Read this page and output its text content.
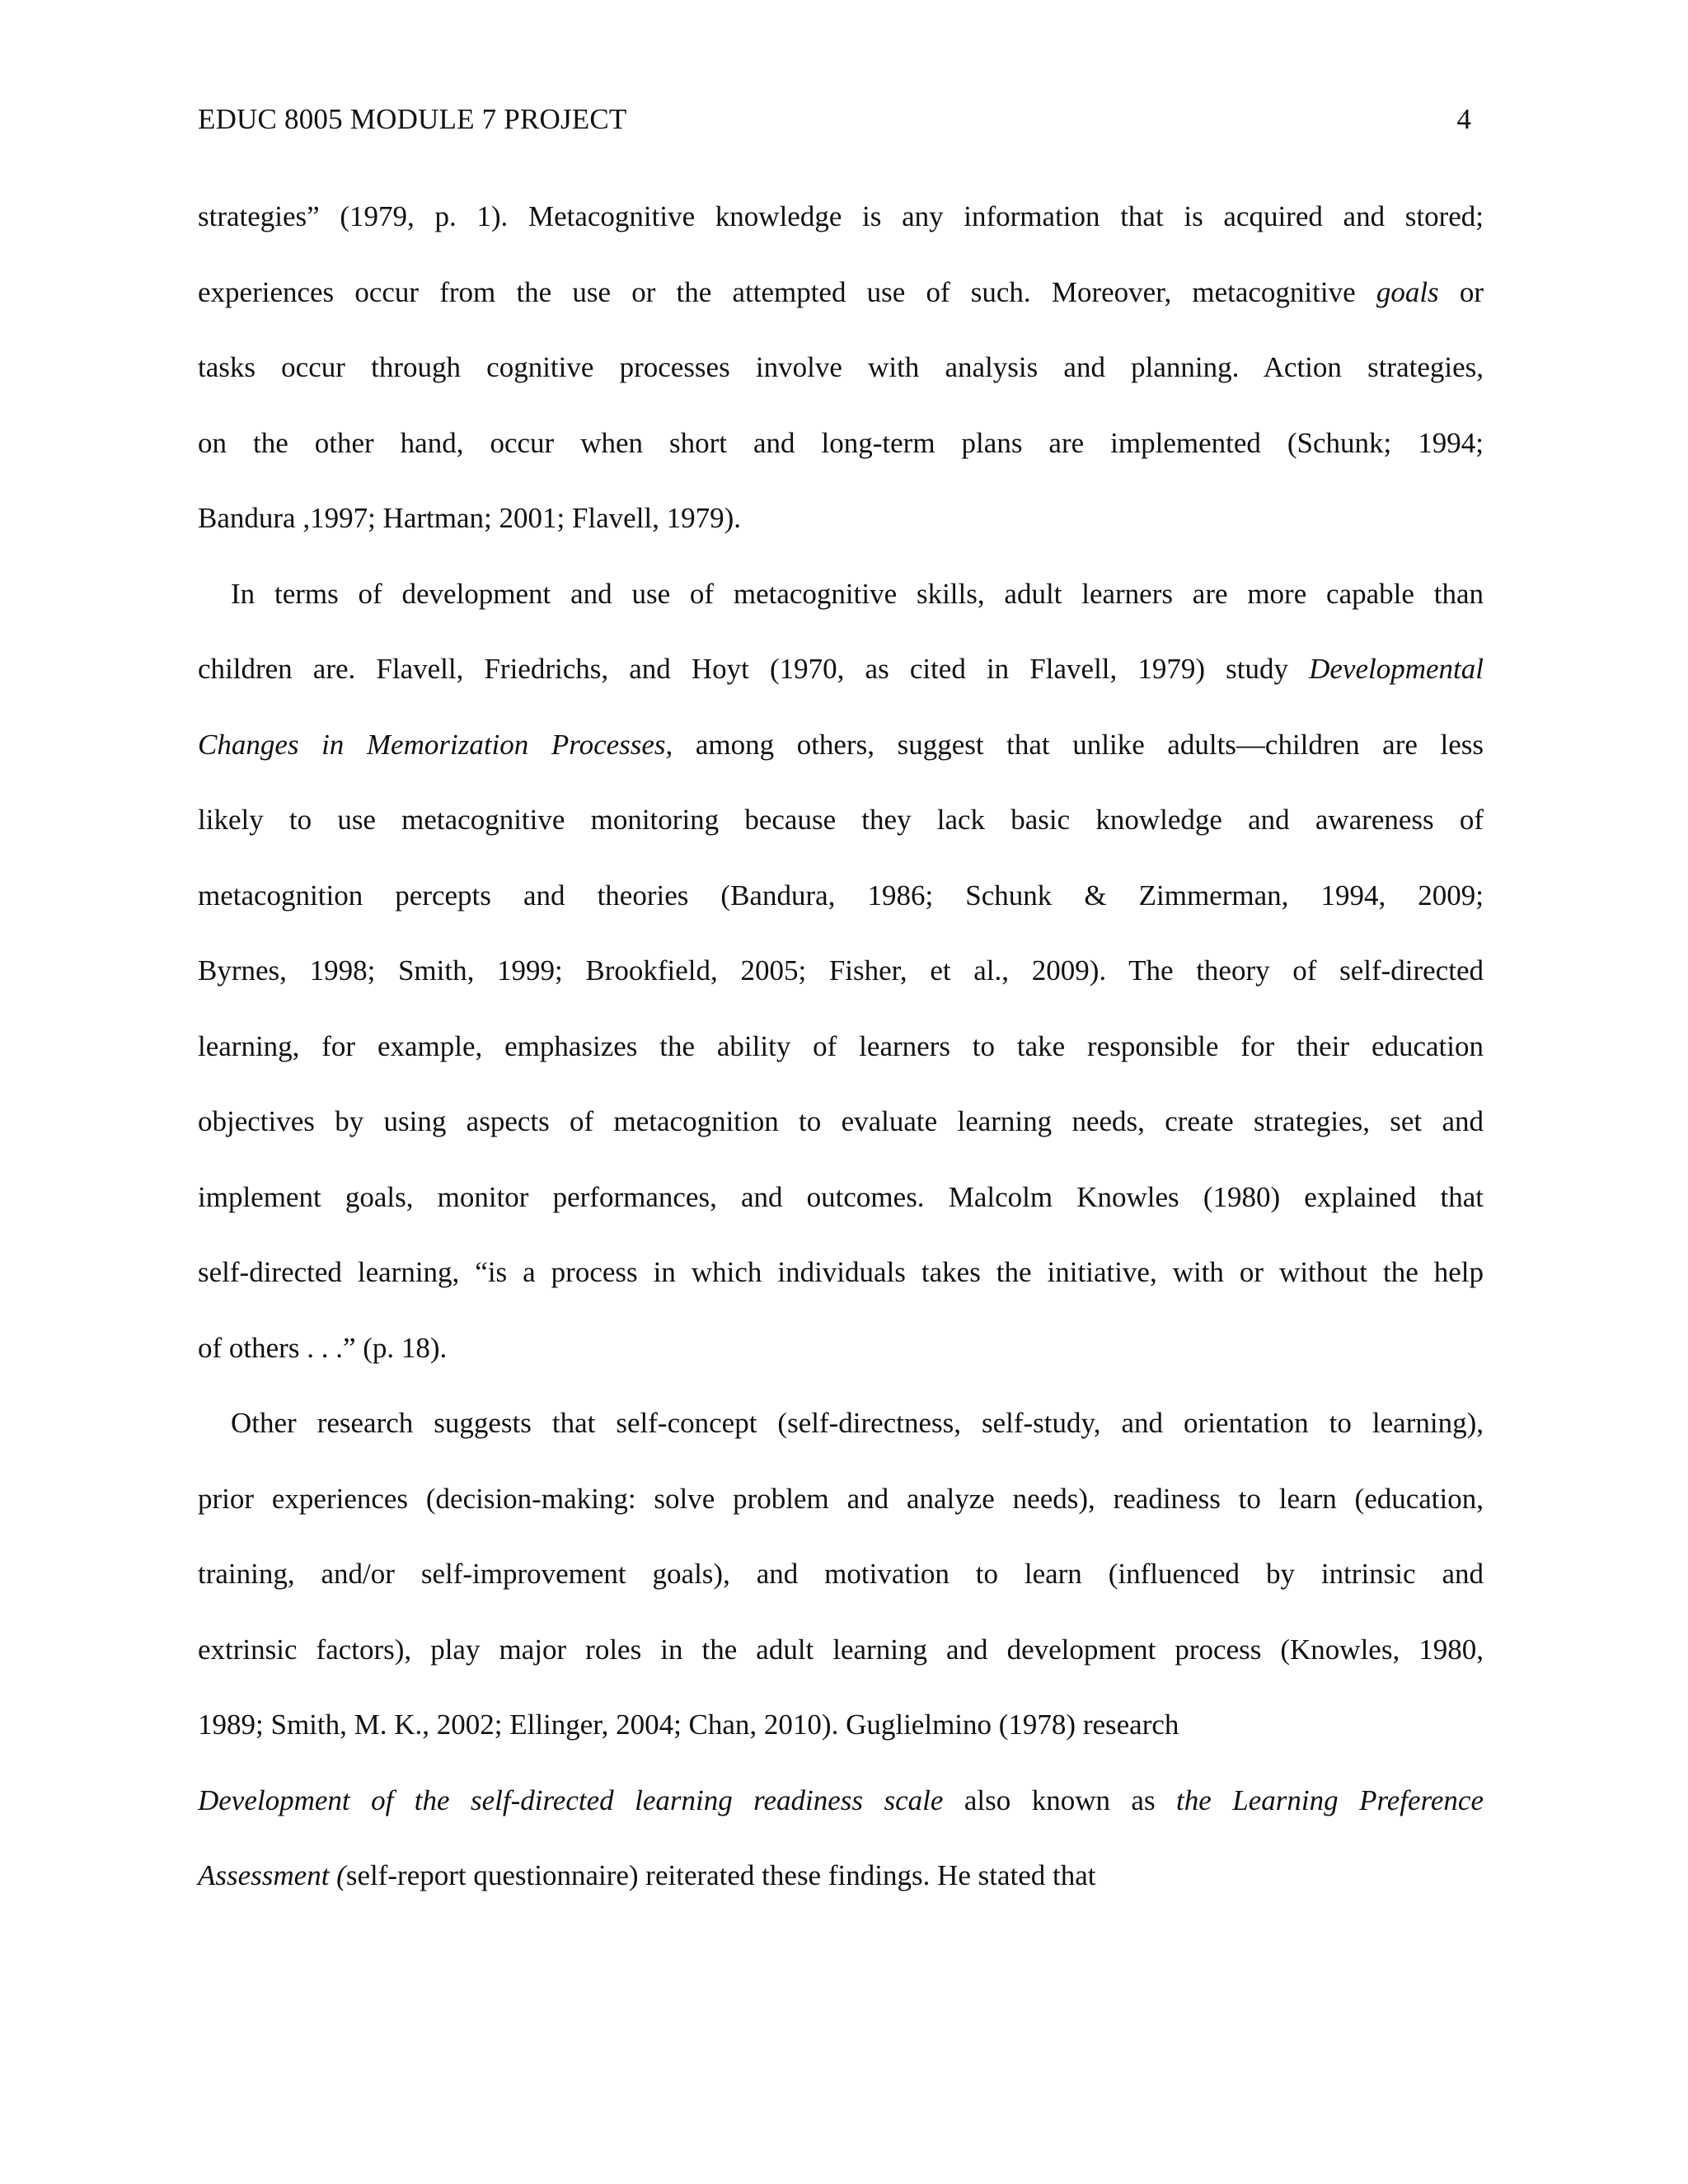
EDUC 8005 MODULE 7 PROJECT	4
strategies” (1979, p. 1). Metacognitive knowledge is any information that is acquired and stored;
experiences occur from the use or the attempted use of such. Moreover, metacognitive goals or
tasks occur through cognitive processes involve with analysis and planning. Action strategies,
on the other hand, occur when short and long-term plans are implemented (Schunk; 1994;
Bandura ,1997; Hartman; 2001; Flavell, 1979).
In terms of development and use of metacognitive skills, adult learners are more capable than
children are. Flavell, Friedrichs, and Hoyt (1970, as cited in Flavell, 1979) study Developmental
Changes in Memorization Processes, among others, suggest that unlike adults—children are less
likely to use metacognitive monitoring because they lack basic knowledge and awareness of
metacognition percepts and theories (Bandura, 1986; Schunk & Zimmerman, 1994, 2009;
Byrnes, 1998; Smith, 1999; Brookfield, 2005; Fisher, et al., 2009). The theory of self-directed
learning, for example, emphasizes the ability of learners to take responsible for their education
objectives by using aspects of metacognition to evaluate learning needs, create strategies, set and
implement goals, monitor performances, and outcomes. Malcolm Knowles (1980) explained that
self-directed learning, “is a process in which individuals takes the initiative, with or without the help
of others . . .” (p. 18).
Other research suggests that self-concept (self-directness, self-study, and orientation to learning),
prior experiences (decision-making: solve problem and analyze needs), readiness to learn (education,
training, and/or self-improvement goals), and motivation to learn (influenced by intrinsic and
extrinsic factors), play major roles in the adult learning and development process (Knowles, 1980,
1989; Smith, M. K., 2002; Ellinger, 2004; Chan, 2010). Guglielmino (1978) research
Development of the self-directed learning readiness scale also known as the Learning Preference
Assessment (self-report questionnaire) reiterated these findings. He stated that
